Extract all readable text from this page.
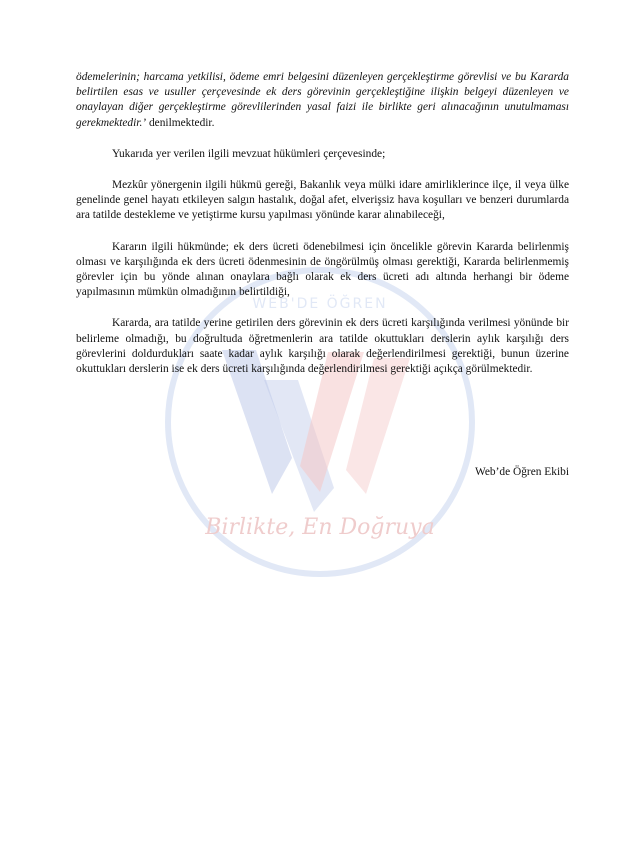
Birlikte, En Doğruya
WEB'DE ÖĞREN

ödemelerinin; harcama yetkilisi, ödeme emri belgesini düzenleyen gerçekleştirme görevlisi ve bu Kararda belirtilen esas ve usuller çerçevesinde ek ders görevinin gerçekleştiğine ilişkin belgeyi düzenleyen ve onaylayan diğer gerçekleştirme görevlilerinden yasal faizi ile birlikte geri alınacağının unutulmaması gerekmektedir.’ denilmektedir.

Yukarıda yer verilen ilgili mevzuat hükümleri çerçevesinde;

Mezkûr yönergenin ilgili hükmü gereği, Bakanlık veya mülki idare amirliklerince ilçe, il veya ülke genelinde genel hayatı etkileyen salgın hastalık, doğal afet, elverişsiz hava koşulları ve benzeri durumlarda ara tatilde destekleme ve yetiştirme kursu yapılması yönünde karar alınabileceği,

Kararın ilgili hükmünde; ek ders ücreti ödenebilmesi için öncelikle görevin Kararda belirlenmiş olması ve karşılığında ek ders ücreti ödenmesinin de öngörülmüş olması gerektiği, Kararda belirlenmemiş görevler için bu yönde alınan onaylara bağlı olarak ek ders ücreti adı altında herhangi bir ödeme yapılmasının mümkün olmadığının belirtildiği,

Kararda, ara tatilde yerine getirilen ders görevinin ek ders ücreti karşılığında verilmesi yönünde bir belirleme olmadığı, bu doğrultuda öğretmenlerin ara tatilde okuttukları derslerin aylık karşılığı ders görevlerini doldurdukları saate kadar aylık karşılığı olarak değerlendirilmesi gerektiği, bunun üzerine okuttukları derslerin ise ek ders ücreti karşılığında değerlendirilmesi gerektiği açıkça görülmektedir.

Web’de Öğren Ekibi
